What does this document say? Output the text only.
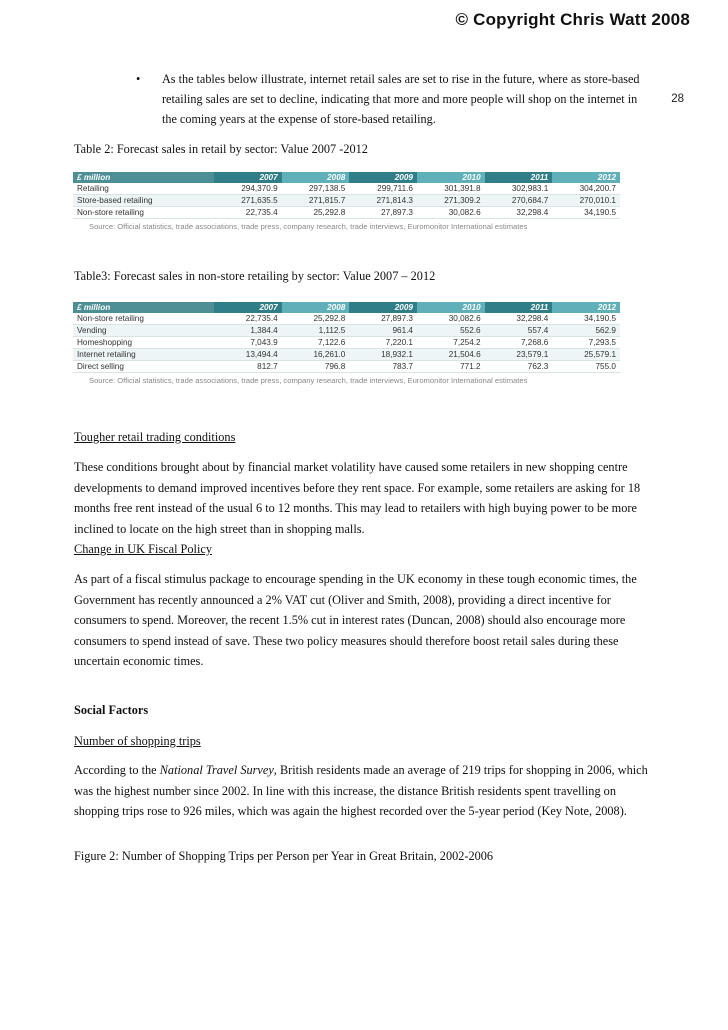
© Copyright Chris Watt 2008
28
• As the tables below illustrate, internet retail sales are set to rise in the future, where as store-based retailing sales are set to decline, indicating that more and more people will shop on the internet in the coming years at the expense of store-based retailing.
Table 2: Forecast sales in retail by sector: Value 2007 -2012
£ million	2007	2008	2009	2010	2011	2012
Retailing	294,370.9	297,138.5	299,711.6	301,391.8	302,983.1	304,200.7
Store-based retailing	271,635.5	271,815.7	271,814.3	271,309.2	270,684.7	270,010.1
Non-store retailing	22,735.4	25,292.8	27,897.3	30,082.6	32,298.4	34,190.5
Source: Official statistics, trade associations, trade press, company research, trade interviews, Euromonitor International estimates
Table3: Forecast sales in non-store retailing by sector: Value 2007 – 2012
£ million	2007	2008	2009	2010	2011	2012
Non-store retailing	22,735.4	25,292.8	27,897.3	30,082.6	32,298.4	34,190.5
Vending	1,384.4	1,112.5	961.4	552.6	557.4	562.9
Homeshopping	7,043.9	7,122.6	7,220.1	7,254.2	7,268.6	7,293.5
Internet retailing	13,494.4	16,261.0	18,932.1	21,504.6	23,579.1	25,579.1
Direct selling	812.7	796.8	783.7	771.2	762.3	755.0
Source: Official statistics, trade associations, trade press, company research, trade interviews, Euromonitor International estimates
Tougher retail trading conditions
These conditions brought about by financial market volatility have caused some retailers in new shopping centre developments to demand improved incentives before they rent space. For example, some retailers are asking for 18 months free rent instead of the usual 6 to 12 months. This may lead to retailers with high buying power to be more inclined to locate on the high street than in shopping malls.
Change in UK Fiscal Policy
As part of a fiscal stimulus package to encourage spending in the UK economy in these tough economic times, the Government has recently announced a 2% VAT cut (Oliver and Smith, 2008), providing a direct incentive for consumers to spend. Moreover, the recent 1.5% cut in interest rates (Duncan, 2008) should also encourage more consumers to spend instead of save. These two policy measures should therefore boost retail sales during these uncertain economic times.
Social Factors
Number of shopping trips
According to the National Travel Survey, British residents made an average of 219 trips for shopping in 2006, which was the highest number since 2002. In line with this increase, the distance British residents spent travelling on shopping trips rose to 926 miles, which was again the highest recorded over the 5-year period (Key Note, 2008).
Figure 2: Number of Shopping Trips per Person per Year in Great Britain, 2002-2006
